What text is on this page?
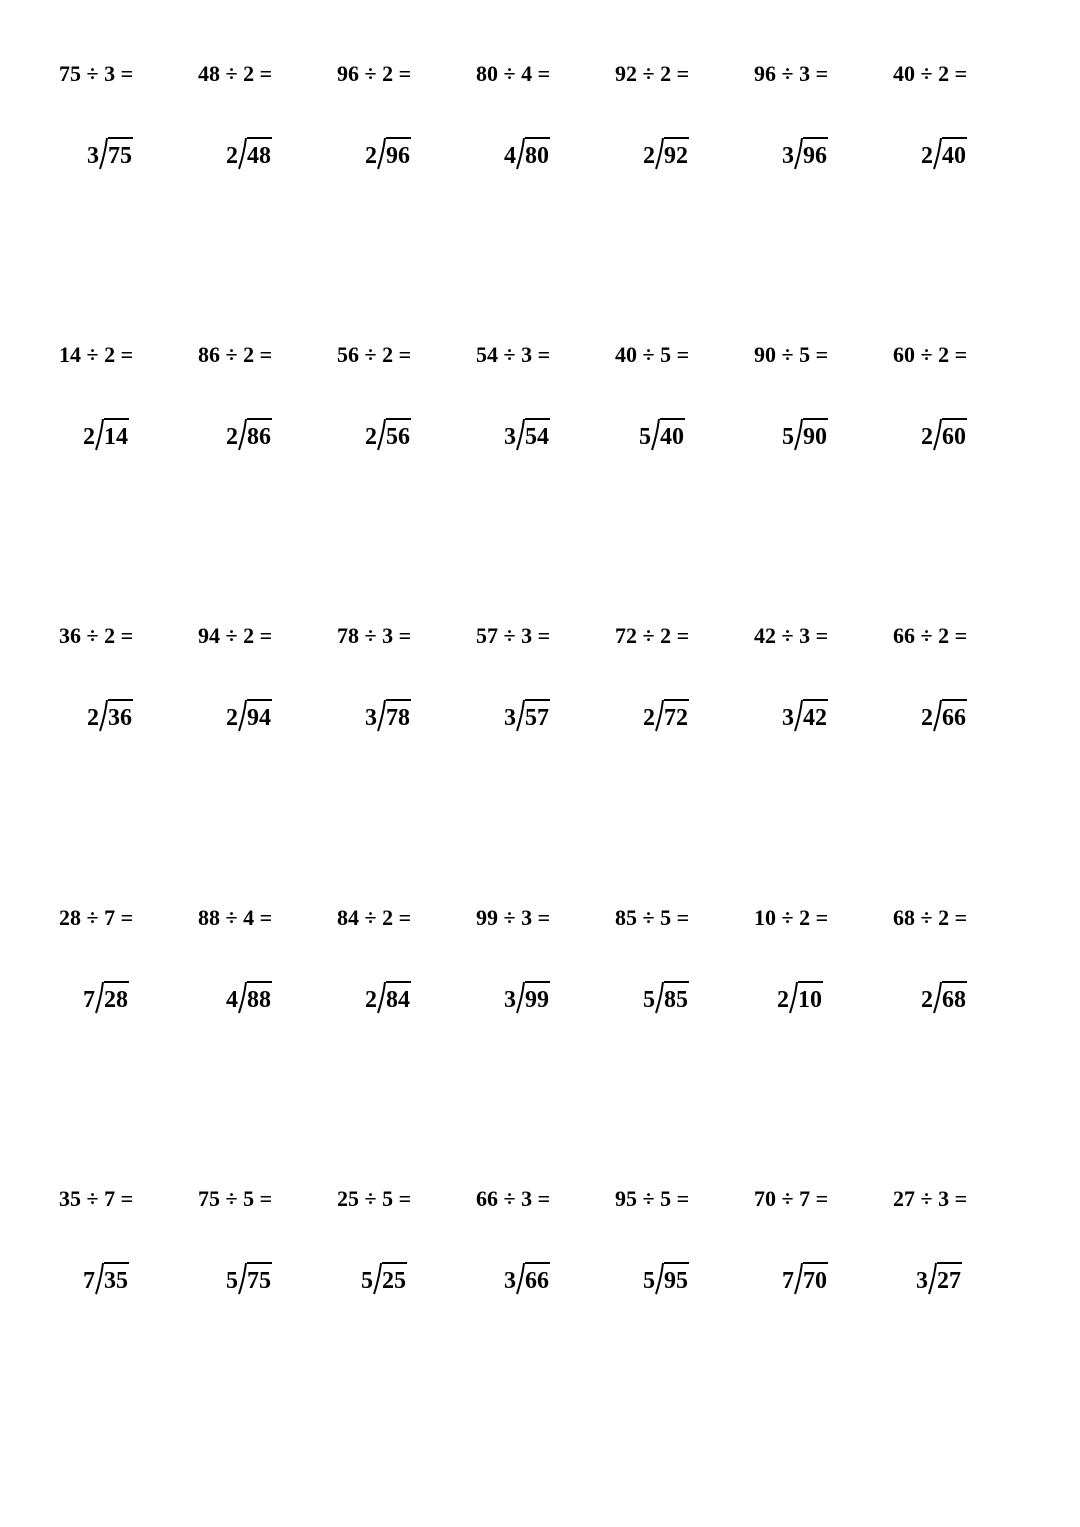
75 ÷ 3 =
3 75
48 ÷ 2 =
2 48
96 ÷ 2 =
2 96
80 ÷ 4 =
4 80
92 ÷ 2 =
2 92
96 ÷ 3 =
3 96
40 ÷ 2 =
2 40
14 ÷ 2 =
2 14
86 ÷ 2 =
2 86
56 ÷ 2 =
2 56
54 ÷ 3 =
3 54
40 ÷ 5 =
5 40
90 ÷ 5 =
5 90
60 ÷ 2 =
2 60
36 ÷ 2 =
2 36
94 ÷ 2 =
2 94
78 ÷ 3 =
3 78
57 ÷ 3 =
3 57
72 ÷ 2 =
2 72
42 ÷ 3 =
3 42
66 ÷ 2 =
2 66
28 ÷ 7 =
7 28
88 ÷ 4 =
4 88
84 ÷ 2 =
2 84
99 ÷ 3 =
3 99
85 ÷ 5 =
5 85
10 ÷ 2 =
2 10
68 ÷ 2 =
2 68
35 ÷ 7 =
7 35
75 ÷ 5 =
5 75
25 ÷ 5 =
5 25
66 ÷ 3 =
3 66
95 ÷ 5 =
5 95
70 ÷ 7 =
7 70
27 ÷ 3 =
3 27
